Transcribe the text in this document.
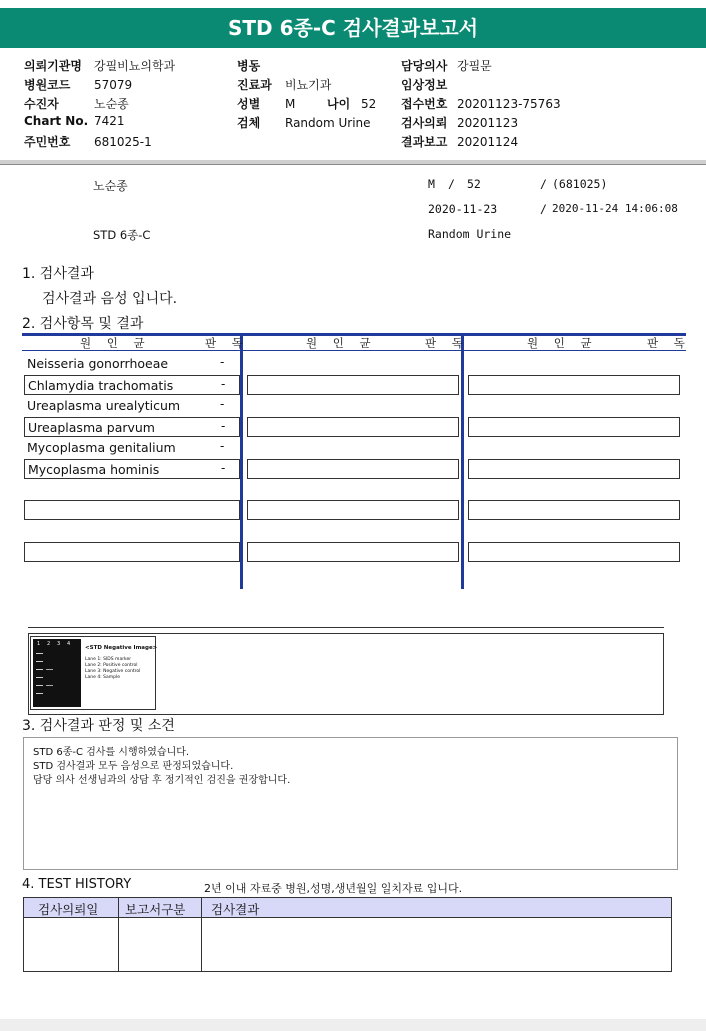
STD 6종-C 검사결과보고서
의뢰기관명 강필비뇨의학과
병원코드 57079
수진자	노순종
Chart No. 7421
주민번호 681025-1
병동
진료과 비뇨기과
성별 M	나이 52
검체 Random Urine
담당의사 강필문
임상정보
접수번호 20201123-75763
검사의뢰 20201123
결과보고 20201124
노순종	M / 52	/ (681025)
2020-11-23	/ 2020-11-24 14:06:08
STD 6종-C	Random Urine
1. 검사결과
검사결과 음성 입니다.
2. 검사항목 및 결과
원 인 균	판 독	원 인 균	판 독	원 인 균	판 독
Neisseria gonorrhoeae	-
Chlamydia trachomatis	-
Ureaplasma urealyticum	-
Ureaplasma parvum	-
Mycoplasma genitalium	-
Mycoplasma hominis	-
1 2 3 4
<STD Negative Image>
Lane 1: SIDS marker
Lane 2: Positive control
Lane 3: Negative control
Lane 4: Sample
3. 검사결과 판정 및 소견
STD 6종-C 검사를 시행하였습니다.
STD 검사결과 모두 음성으로 판정되었습니다.
담당 의사 선생님과의 상담 후 정기적인 검진을 권장합니다.
4. TEST HISTORY	2년 이내 자료중 병원,성명,생년월일 일치자료 입니다.
검사의뢰일 보고서구분 검사결과
